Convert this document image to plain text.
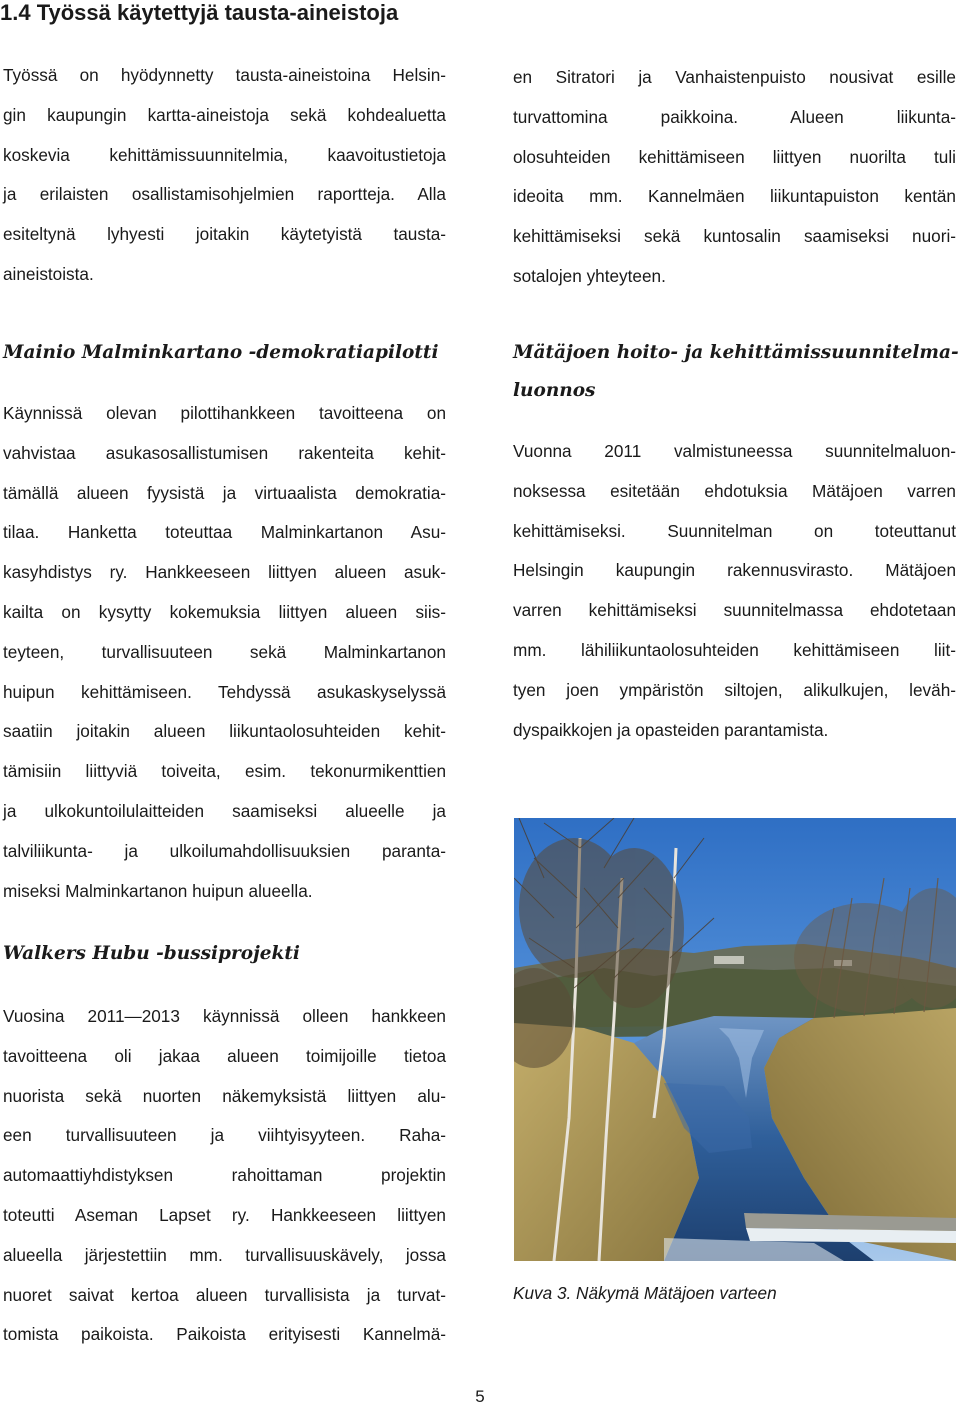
1.4 Työssä käytettyjä tausta-aineistoja

Työssä on hyödynnetty tausta-aineistoina Helsin-
gin kaupungin kartta-aineistoja sekä kohdealuetta
koskevia kehittämissuunnitelmia, kaavoitustietoja
ja erilaisten osallistamisohjelmien raportteja. Alla
esiteltynä lyhyesti joitakin käytetyistä tausta-
aineistoista.

Mainio Malminkartano -demokratiapilotti

Käynnissä olevan pilottihankkeen tavoitteena on
vahvistaa asukasosallistumisen rakenteita kehit-
tämällä alueen fyysistä ja virtuaalista demokratia-
tilaa. Hanketta toteuttaa Malminkartanon Asu-
kasyhdistys ry. Hankkeeseen liittyen alueen asuk-
kailta on kysytty kokemuksia liittyen alueen siis-
teyteen, turvallisuuteen sekä Malminkartanon
huipun kehittämiseen. Tehdyssä asukaskyselyssä
saatiin joitakin alueen liikuntaolosuhteiden kehit-
tämisiin liittyviä toiveita, esim. tekonurmikenttien
ja ulkokuntoilulaitteiden saamiseksi alueelle ja
talviliikunta- ja ulkoilumahdollisuuksien paranta-
miseksi Malminkartanon huipun alueella.

Walkers Hubu -bussiprojekti

Vuosina 2011—2013 käynnissä olleen hankkeen
tavoitteena oli jakaa alueen toimijoille tietoa
nuorista sekä nuorten näkemyksistä liittyen alu-
een turvallisuuteen ja viihtyisyyteen. Raha-
automaattiyhdistyksen rahoittaman projektin
toteutti Aseman Lapset ry. Hankkeeseen liittyen
alueella järjestettiin mm. turvallisuuskävely, jossa
nuoret saivat kertoa alueen turvallisista ja turvat-
tomista paikoista. Paikoista erityisesti Kannelmä-

en Sitratori ja Vanhaistenpuisto nousivat esille
turvattomina paikkoina. Alueen liikunta-
olosuhteiden kehittämiseen liittyen nuorilta tuli
ideoita mm. Kannelmäen liikuntapuiston kentän
kehittämiseksi sekä kuntosalin saamiseksi nuori-
sotalojen yhteyteen.

Mätäjoen hoito- ja kehittämissuunnitelma-
luonnos

Vuonna 2011 valmistuneessa suunnitelmaluon-
noksessa esitetään ehdotuksia Mätäjoen varren
kehittämiseksi. Suunnitelman on toteuttanut
Helsingin kaupungin rakennusvirasto. Mätäjoen
varren kehittämiseksi suunnitelmassa ehdotetaan
mm. lähiliikuntaolosuhteiden kehittämiseen liit-
tyen joen ympäristön siltojen, alikulkujen, leväh-
dyspaikkojen ja opasteiden parantamista.

Kuva 3. Näkymä Mätäjoen varteen

5
